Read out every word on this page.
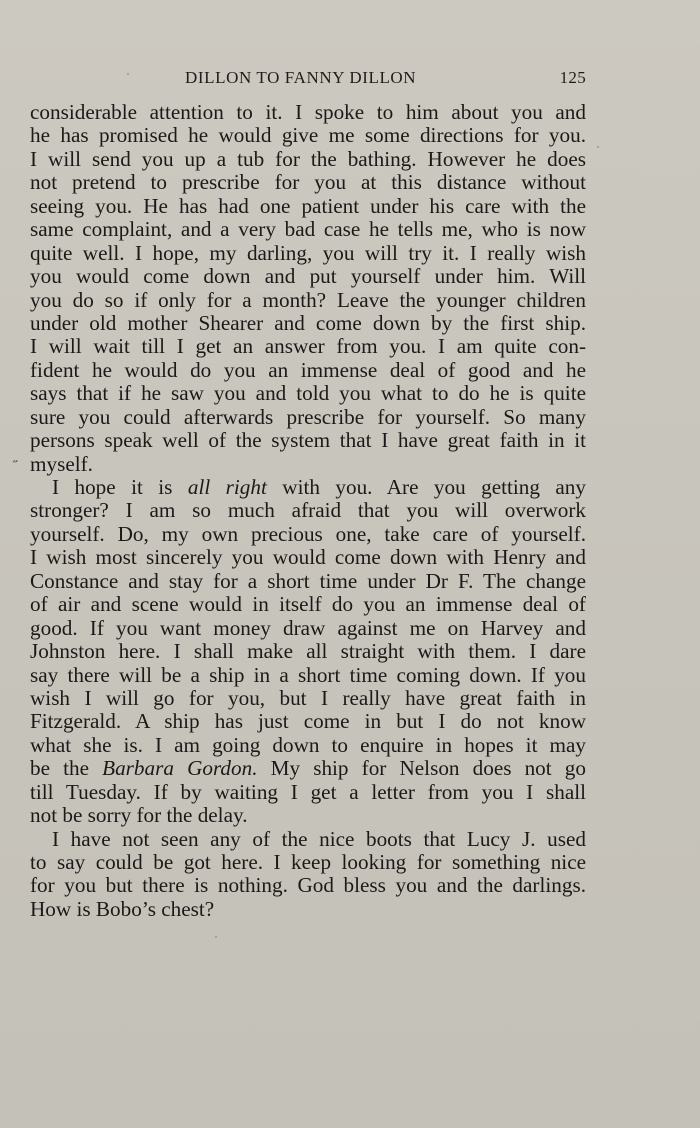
DILLON TO FANNY DILLON	125
˝
considerable attention to it. I spoke to him about you and
he has promised he would give me some directions for you.
I will send you up a tub for the bathing. However he does
not pretend to prescribe for you at this distance without
seeing you. He has had one patient under his care with the
same complaint, and a very bad case he tells me, who is now
quite well. I hope, my darling, you will try it. I really wish
you would come down and put yourself under him. Will
you do so if only for a month? Leave the younger children
under old mother Shearer and come down by the first ship.
I will wait till I get an answer from you. I am quite con-
fident he would do you an immense deal of good and he
says that if he saw you and told you what to do he is quite
sure you could afterwards prescribe for yourself. So many
persons speak well of the system that I have great faith in it
myself.
I hope it is all right with you. Are you getting any
stronger? I am so much afraid that you will overwork
yourself. Do, my own precious one, take care of yourself.
I wish most sincerely you would come down with Henry and
Constance and stay for a short time under Dr F. The change
of air and scene would in itself do you an immense deal of
good. If you want money draw against me on Harvey and
Johnston here. I shall make all straight with them. I dare
say there will be a ship in a short time coming down. If you
wish I will go for you, but I really have great faith in
Fitzgerald. A ship has just come in but I do not know
what she is. I am going down to enquire in hopes it may
be the Barbara Gordon. My ship for Nelson does not go
till Tuesday. If by waiting I get a letter from you I shall
not be sorry for the delay.
I have not seen any of the nice boots that Lucy J. used
to say could be got here. I keep looking for something nice
for you but there is nothing. God bless you and the darlings.
How is Bobo’s chest?
